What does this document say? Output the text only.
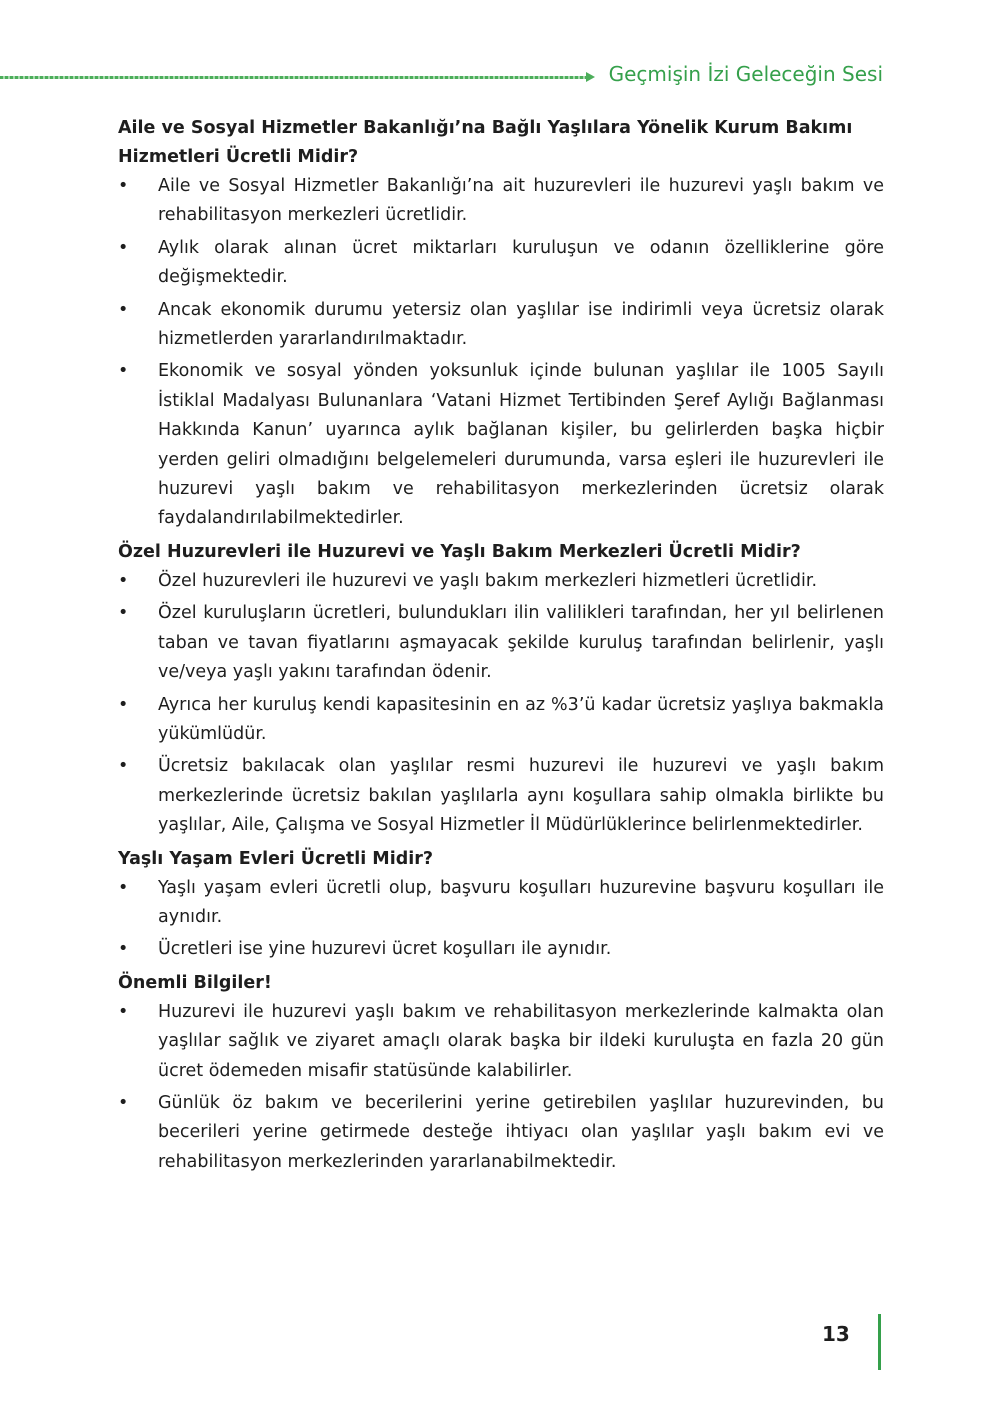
Geçmişin İzi Geleceğin Sesi

Aile ve Sosyal Hizmetler Bakanlığı’na Bağlı Yaşlılara Yönelik Kurum Bakımı Hizmetleri Ücretli Midir?

• Aile ve Sosyal Hizmetler Bakanlığı’na ait huzurevleri ile huzurevi yaşlı bakım ve rehabilitasyon merkezleri ücretlidir.
• Aylık olarak alınan ücret miktarları kuruluşun ve odanın özelliklerine göre değişmektedir.
• Ancak ekonomik durumu yetersiz olan yaşlılar ise indirimli veya ücretsiz olarak hizmetlerden yararlandırılmaktadır.
• Ekonomik ve sosyal yönden yoksunluk içinde bulunan yaşlılar ile 1005 Sayılı İstiklal Madalyası Bulunanlara ‘Vatani Hizmet Tertibinden Şeref Aylığı Bağlanması Hakkında Kanun’ uyarınca aylık bağlanan kişiler, bu gelirlerden başka hiçbir yerden geliri olmadığını belgelemeleri durumunda, varsa eşleri ile huzurevleri ile huzurevi yaşlı bakım ve rehabilitasyon merkezlerinden ücretsiz olarak faydalandırılabilmektedirler.

Özel Huzurevleri ile Huzurevi ve Yaşlı Bakım Merkezleri Ücretli Midir?

• Özel huzurevleri ile huzurevi ve yaşlı bakım merkezleri hizmetleri ücretlidir.
• Özel kuruluşların ücretleri, bulundukları ilin valilikleri tarafından, her yıl belirlenen taban ve tavan fiyatlarını aşmayacak şekilde kuruluş tarafından belirlenir, yaşlı ve/veya yaşlı yakını tarafından ödenir.
• Ayrıca her kuruluş kendi kapasitesinin en az %3’ü kadar ücretsiz yaşlıya bakmakla yükümlüdür.
• Ücretsiz bakılacak olan yaşlılar resmi huzurevi ile huzurevi ve yaşlı bakım merkezlerinde ücretsiz bakılan yaşlılarla aynı koşullara sahip olmakla birlikte bu yaşlılar, Aile, Çalışma ve Sosyal Hizmetler İl Müdürlüklerince belirlenmektedirler.

Yaşlı Yaşam Evleri Ücretli Midir?

• Yaşlı yaşam evleri ücretli olup, başvuru koşulları huzurevine başvuru koşulları ile aynıdır.
• Ücretleri ise yine huzurevi ücret koşulları ile aynıdır.

Önemli Bilgiler!

• Huzurevi ile huzurevi yaşlı bakım ve rehabilitasyon merkezlerinde kalmakta olan yaşlılar sağlık ve ziyaret amaçlı olarak başka bir ildeki kuruluşta en fazla 20 gün ücret ödemeden misafir statüsünde kalabilirler.
• Günlük öz bakım ve becerilerini yerine getirebilen yaşlılar huzurevinden, bu becerileri yerine getirmede desteğe ihtiyacı olan yaşlılar yaşlı bakım evi ve rehabilitasyon merkezlerinden yararlanabilmektedir.
13
